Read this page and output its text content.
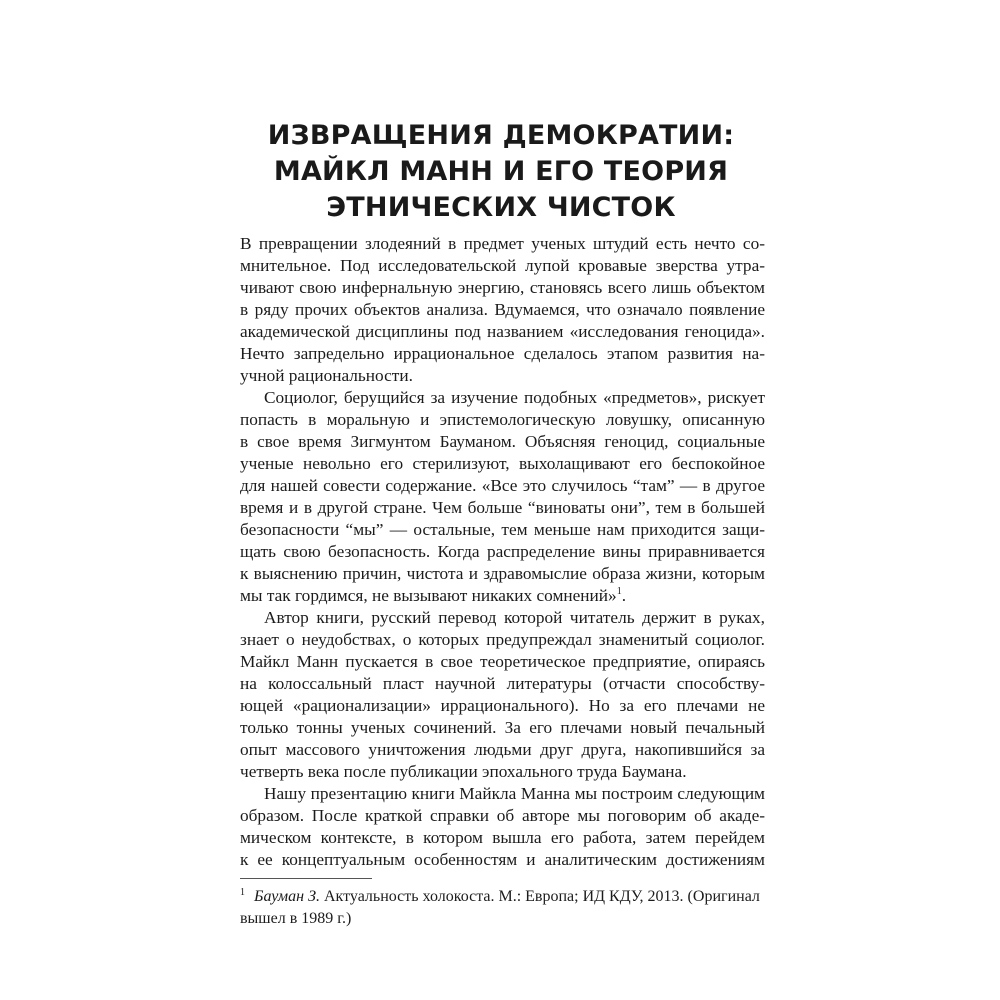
ИЗВРАЩЕНИЯ ДЕМОКРАТИИ:
МАЙКЛ МАНН И ЕГО ТЕОРИЯ
ЭТНИЧЕСКИХ ЧИСТОК
В превращении злодеяний в предмет ученых штудий есть нечто со-
мнительное. Под исследовательской лупой кровавые зверства утра-
чивают свою инфернальную энергию, становясь всего лишь объектом
в ряду прочих объектов анализа. Вдумаемся, что означало появление
академической дисциплины под названием «исследования геноцида».
Нечто запредельно иррациональное сделалось этапом развития на-
учной рациональности.
Социолог, берущийся за изучение подобных «предметов», рискует
попасть в моральную и эпистемологическую ловушку, описанную
в свое время Зигмунтом Бауманом. Объясняя геноцид, социальные
ученые невольно его стерилизуют, выхолащивают его беспокойное
для нашей совести содержание. «Все это случилось “там” — в другое
время и в другой стране. Чем больше “виноваты они”, тем в большей
безопасности “мы” — остальные, тем меньше нам приходится защи-
щать свою безопасность. Когда распределение вины приравнивается
к выяснению причин, чистота и здравомыслие образа жизни, которым
мы так гордимся, не вызывают никаких сомнений»$^1$.
Автор книги, русский перевод которой читатель держит в руках,
знает о неудобствах, о которых предупреждал знаменитый социолог.
Майкл Манн пускается в свое теоретическое предприятие, опираясь
на колоссальный пласт научной литературы (отчасти способству-
ющей «рационализации» иррационального). Но за его плечами не
только тонны ученых сочинений. За его плечами новый печальный
опыт массового уничтожения людьми друг друга, накопившийся за
четверть века после публикации эпохального труда Баумана.
Нашу презентацию книги Майкла Манна мы построим следующим
образом. После краткой справки об авторе мы поговорим об акаде-
мическом контексте, в котором вышла его работа, затем перейдем
к ее концептуальным особенностям и аналитическим достижениям
1 Бауман З. Актуальность холокоста. М.: Европа; ИД КДУ, 2013. (Оригинал
вышел в 1989 г.)
